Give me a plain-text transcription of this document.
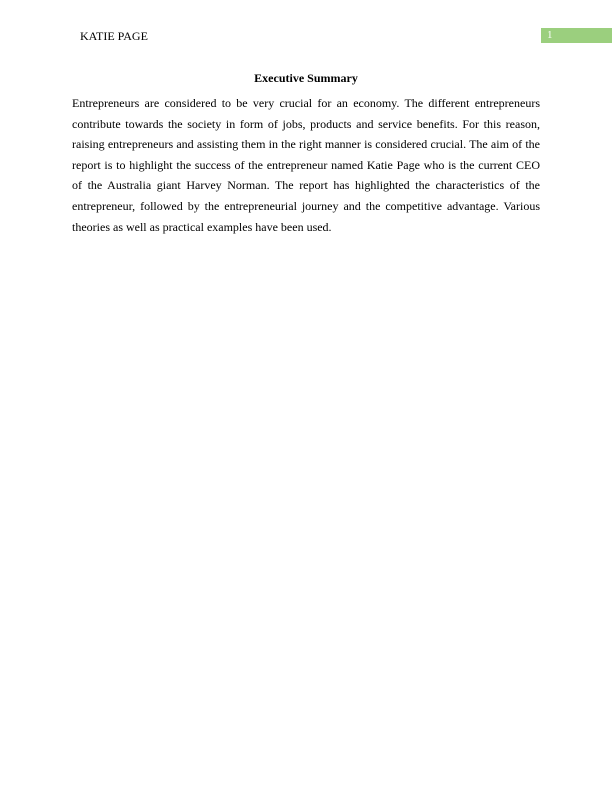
KATIE PAGE	1
Executive Summary

Entrepreneurs are considered to be very crucial for an economy. The different entrepreneurs contribute towards the society in form of jobs, products and service benefits. For this reason, raising entrepreneurs and assisting them in the right manner is considered crucial. The aim of the report is to highlight the success of the entrepreneur named Katie Page who is the current CEO of the Australia giant Harvey Norman. The report has highlighted the characteristics of the entrepreneur, followed by the entrepreneurial journey and the competitive advantage. Various theories as well as practical examples have been used.
